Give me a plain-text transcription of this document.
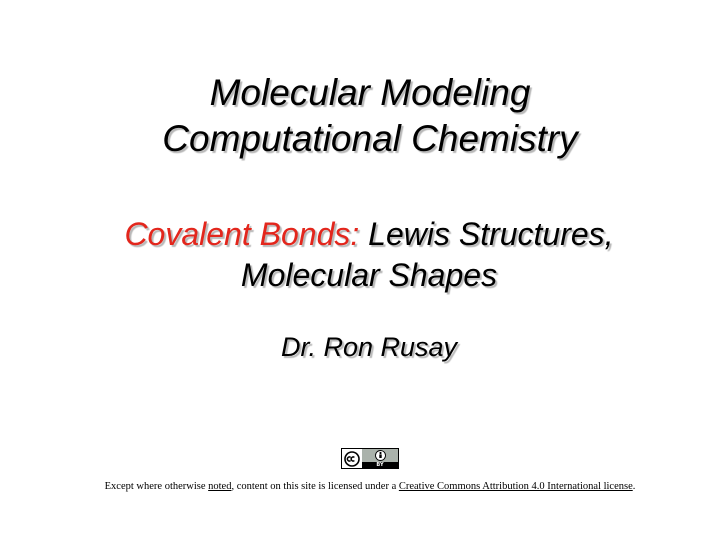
Molecular Modeling
Computational Chemistry
Covalent Bonds: Lewis Structures,
Molecular Shapes
Dr. Ron Rusay
BY
Except where otherwise noted, content on this site is licensed under a Creative Commons Attribution 4.0 International license.
